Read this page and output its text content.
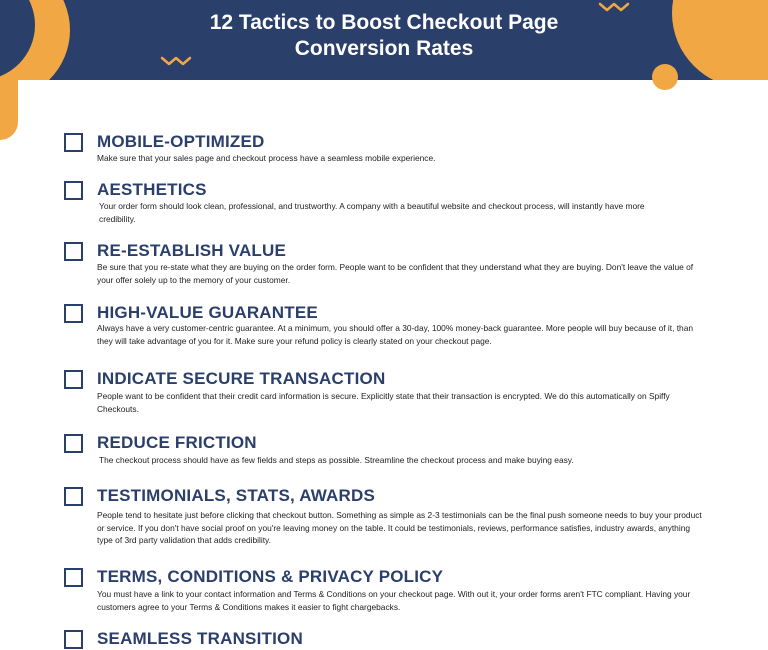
12 Tactics to Boost Checkout Page
Conversion Rates
MOBILE-OPTIMIZED

Make sure that your sales page and checkout process have a seamless mobile experience.

AESTHETICS

Your order form should look clean, professional, and trustworthy. A company with a beautiful website and checkout process, will instantly have more credibility.

RE-ESTABLISH VALUE

Be sure that you re-state what they are buying on the order form. People want to be confident that they understand what they are buying. Don't leave the value of your offer solely up to the memory of your customer.

HIGH-VALUE GUARANTEE

Always have a very customer-centric guarantee. At a minimum, you should offer a 30-day, 100% money-back guarantee. More people will buy because of it, than they will take advantage of you for it. Make sure your refund policy is clearly stated on your checkout page.

INDICATE SECURE TRANSACTION

People want to be confident that their credit card information is secure. Explicitly state that their transaction is encrypted. We do this automatically on Spiffy Checkouts.

REDUCE FRICTION

The checkout process should have as few fields and steps as possible. Streamline the checkout process and make buying easy.

TESTIMONIALS, STATS, AWARDS

People tend to hesitate just before clicking that checkout button. Something as simple as 2-3 testimonials can be the final push someone needs to buy your product or service. If you don't have social proof on you're leaving money on the table. It could be testimonials, reviews, performance satisfies, industry awards, anything type of 3rd party validation that adds credibility.

TERMS, CONDITIONS & PRIVACY POLICY

You must have a link to your contact information and Terms & Conditions on your checkout page. With out it, your order forms aren't FTC compliant. Having your customers agree to your Terms & Conditions makes it easier to fight chargebacks.

SEAMLESS TRANSITION
